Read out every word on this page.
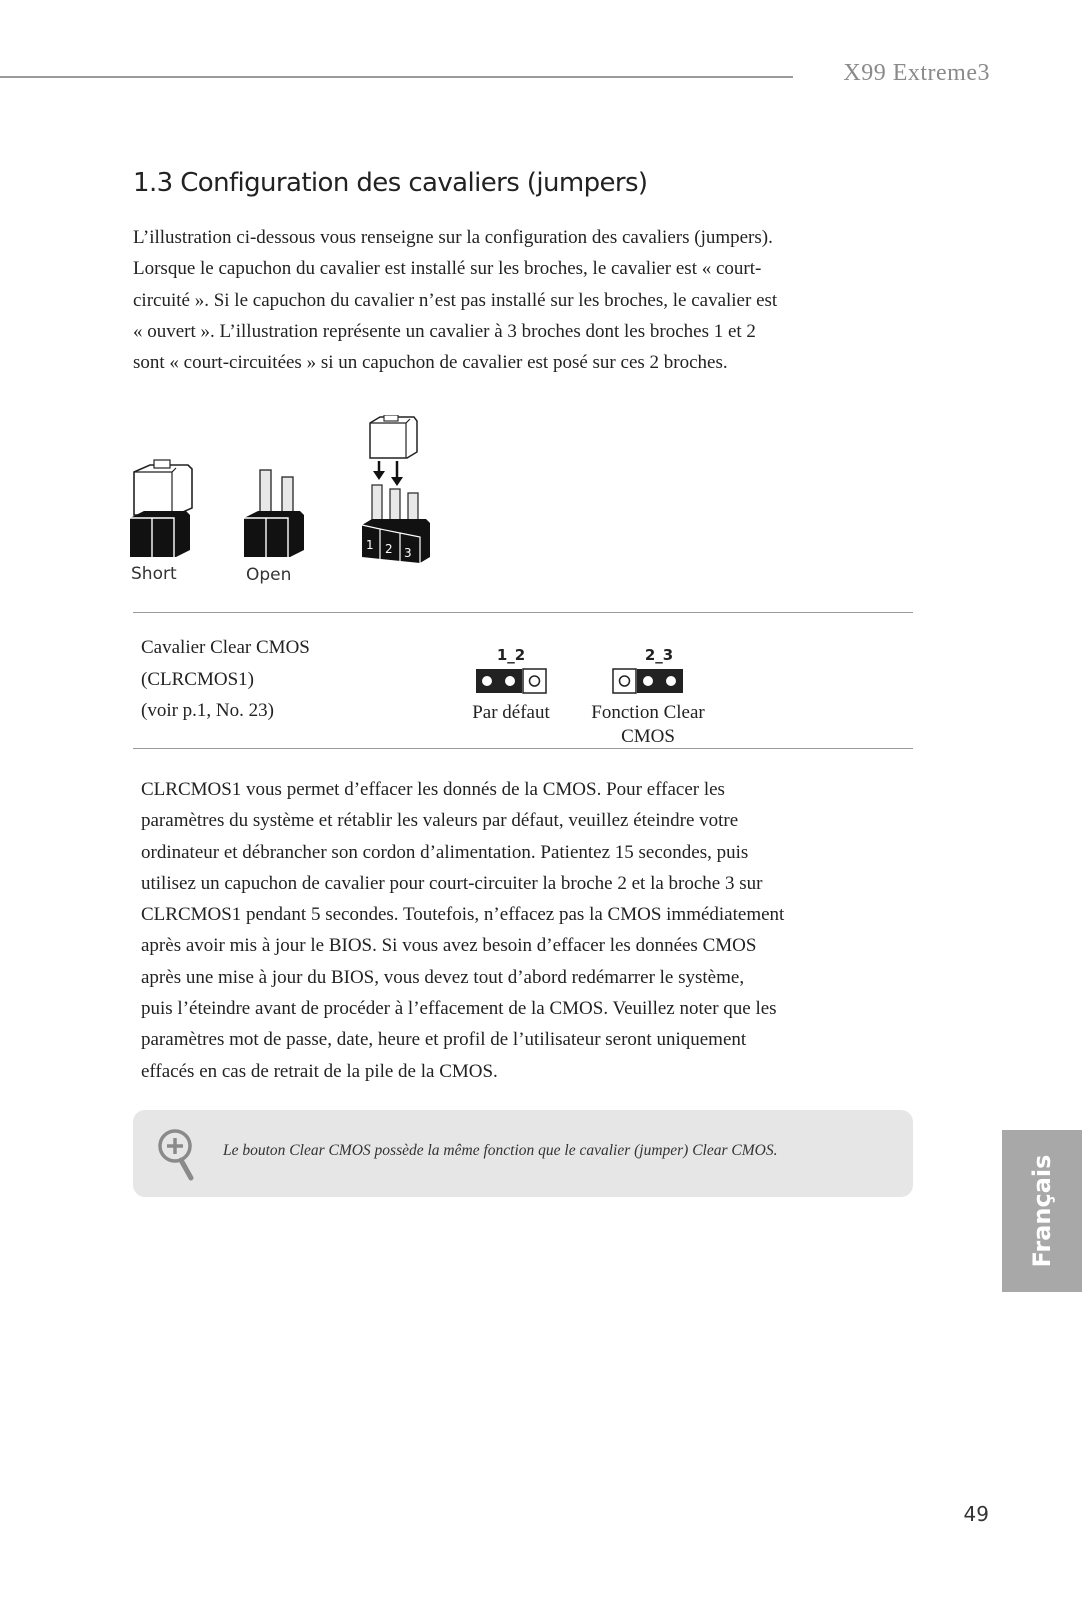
X99 Extreme3
1.3 Configuration des cavaliers (jumpers)
L’illustration ci-dessous vous renseigne sur la configuration des cavaliers (jumpers).
Lorsque le capuchon du cavalier est installé sur les broches, le cavalier est « court-
circuité ». Si le capuchon du cavalier n’est pas installé sur les broches, le cavalier est
« ouvert ». L’illustration représente un cavalier à 3 broches dont les broches 1 et 2
sont « court-circuitées » si un capuchon de cavalier est posé sur ces 2 broches.
Short	Open
1 2 3
Cavalier Clear CMOS
(CLRCMOS1)
(voir p.1, No. 23)
1_2
Par défaut
2_3
Fonction Clear
CMOS
CLRCMOS1 vous permet d’effacer les donnés de la CMOS. Pour effacer les
paramètres du système et rétablir les valeurs par défaut, veuillez éteindre votre
ordinateur et débrancher son cordon d’alimentation. Patientez 15 secondes, puis
utilisez un capuchon de cavalier pour court-circuiter la broche 2 et la broche 3 sur
CLRCMOS1 pendant 5 secondes. Toutefois, n’effacez pas la CMOS immédiatement
après avoir mis à jour le BIOS. Si vous avez besoin d’effacer les données CMOS
après une mise à jour du BIOS, vous devez tout d’abord redémarrer le système,
puis l’éteindre avant de procéder à l’effacement de la CMOS. Veuillez noter que les
paramètres mot de passe, date, heure et profil de l’utilisateur seront uniquement
effacés en cas de retrait de la pile de la CMOS.
Le bouton Clear CMOS possède la même fonction que le cavalier (jumper) Clear CMOS.
Français
49
